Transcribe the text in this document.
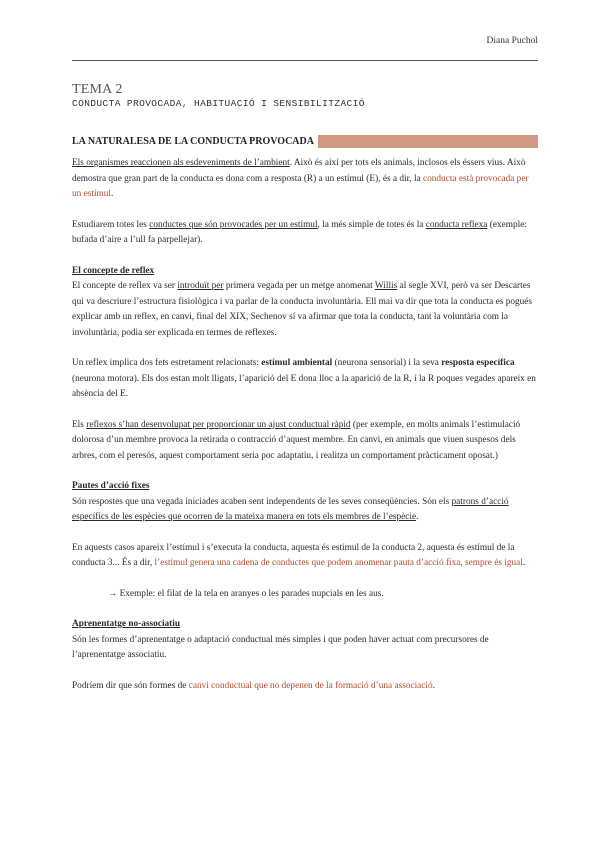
Diana Puchol
TEMA 2
CONDUCTA PROVOCADA, HABITUACIÓ I SENSIBILITZACIÓ
LA NATURALESA DE LA CONDUCTA PROVOCADA

Els organismes reaccionen als esdeveniments de l’ambient. Això és així per tots els animals, inclosos els éssers vius. Això demostra que gran part de la conducta es dona com a resposta (R) a un estímul (E), és a dir, la conducta està provocada per un estímul.

Estudiarem totes les conductes que són provocades per un estímul, la més simple de totes és la conducta reflexa (exemple: bufada d’aire a l’ull fa parpellejar).

El concepte de reflex

El concepte de reflex va ser introduït per primera vegada per un metge anomenat Willis al segle XVI, però va ser Descartes qui va descriure l’estructura fisiològica i va parlar de la conducta involuntària. Ell mai va dir que tota la conducta es pogués explicar amb un reflex, en canvi, final del XIX, Sechenov sí va afirmar que tota la conducta, tant la voluntària com la involuntària, podia ser explicada en termes de reflexes.

Un reflex implica dos fets estretament relacionats: estímul ambiental (neurona sensorial) i la seva resposta específica (neurona motora). Els dos estan molt lligats, l’aparició del E dona lloc a la aparició de la R, i la R poques vegades apareix en absència del E.

Els reflexos s’han desenvolupat per proporcionar un ajust conductual ràpid (per exemple, en molts animals l’estimulació dolorosa d’un membre provoca la retirada o contracció d’aquest membre. En canvi, en animals que viuen suspesos dels arbres, com el peresós, aquest comportament seria poc adaptatiu, i realitza un comportament pràcticament oposat.)

Pautes d’acció fixes

Són respostes que una vegada iniciades acaben sent independents de les seves conseqüències. Són els patrons d’acció específics de les espècies que ocorren de la mateixa manera en tots els membres de l’espècie.

En aquests casos apareix l’estímul i s’executa la conducta, aquesta és estímul de la conducta 2, aquesta és estímul de la conducta 3... És a dir, l’estímul genera una cadena de conductes que podem anomenar pauta d’acció fixa, sempre és igual.

→ Exemple: el filat de la tela en aranyes o les parades nupcials en les aus.

Aprenentatge no-associatiu

Són les formes d’aprenentatge o adaptació conductual més simples i que poden haver actuat com precursores de l’aprenentatge associatiu.

Podríem dir que són formes de canvi conductual que no depenen de la formació d’una associació.
